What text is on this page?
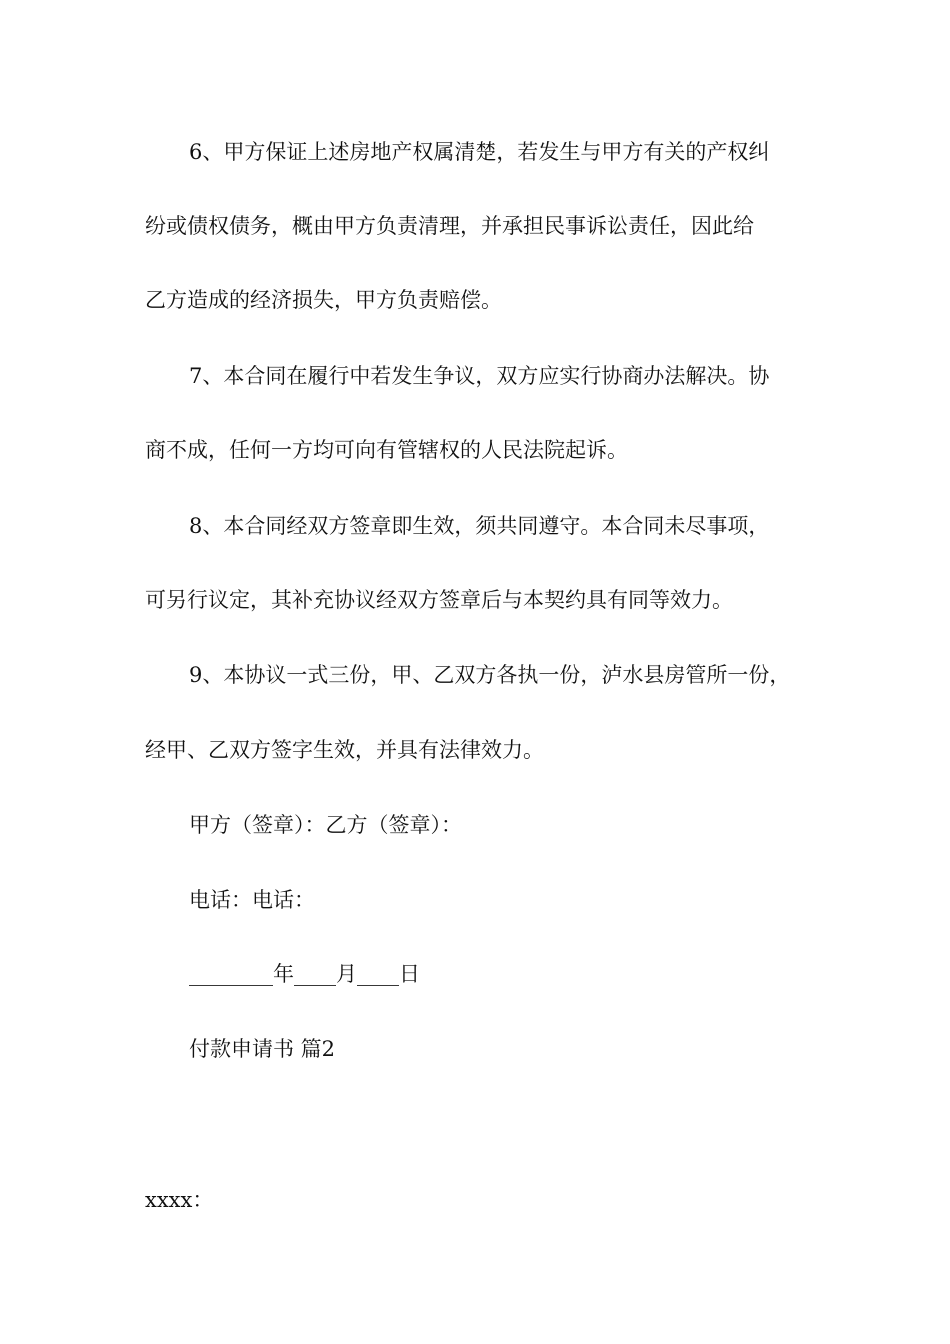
6、甲方保证上述房地产权属清楚，若发生与甲方有关的产权纠
纷或债权债务，概由甲方负责清理，并承担民事诉讼责任，因此给
乙方造成的经济损失，甲方负责赔偿。
7、本合同在履行中若发生争议，双方应实行协商办法解决。协
商不成，任何一方均可向有管辖权的人民法院起诉。
8、本合同经双方签章即生效，须共同遵守。本合同未尽事项，
可另行议定，其补充协议经双方签章后与本契约具有同等效力。
9、本协议一式三份，甲、乙双方各执一份，泸水县房管所一份，
经甲、乙双方签字生效，并具有法律效力。
甲方（签章）：乙方（签章）：
电话：电话：
________年____月____日
付款申请书 篇2
xxxx：
